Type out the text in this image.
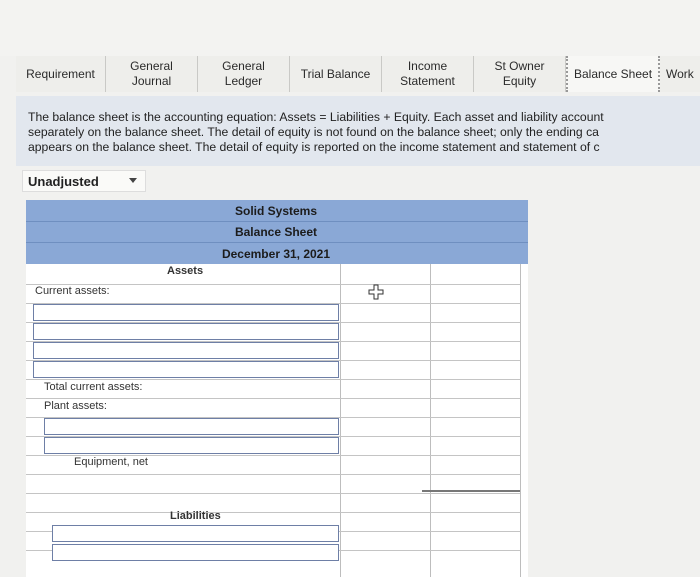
Requirement
General
Journal
General
Ledger
Trial Balance
Income
Statement
St Owner
Equity
Balance Sheet	Work
The balance sheet is the accounting equation: Assets = Liabilities + Equity. Each asset and liability account
separately on the balance sheet. The detail of equity is not found on the balance sheet; only the ending ca
appears on the balance sheet. The detail of equity is reported on the income statement and statement of c
Unadjusted
Solid Systems
Balance Sheet
December 31, 2021
Assets
Current assets:
Total current assets:
Plant assets:
Equipment, net
Liabilities
